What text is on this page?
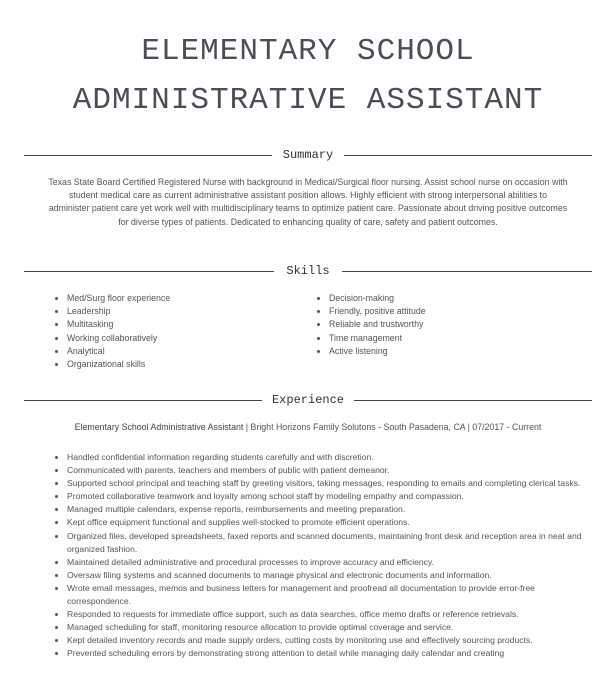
ELEMENTARY SCHOOL
ADMINISTRATIVE ASSISTANT
Summary
Texas State Board Certified Registered Nurse with background in Medical/Surgical floor nursing. Assist school nurse on occasion with student medical care as current administrative assistant position allows. Highly efficient with strong interpersonal abilities to administer patient care yet work well with multidisciplinary teams to optimize patient care. Passionate about driving positive outcomes for diverse types of patients. Dedicated to enhancing quality of care, safety and patient outcomes.
Skills
Med/Surg floor experience
Leadership
Multitasking
Working collaboratively
Analytical
Organizational skills
Decision-making
Friendly, positive attitude
Reliable and trustworthy
Time management
Active listening
Experience
Elementary School Administrative Assistant | Bright Horizons Family Solutons - South Pasadena, CA | 07/2017 - Current
Handled confidential information regarding students carefully and with discretion.
Communicated with parents, teachers and members of public with patient demeanor.
Supported school principal and teaching staff by greeting visitors, taking messages, responding to emails and completing clerical tasks.
Promoted collaborative teamwork and loyalty among school staff by modeling empathy and compassion.
Managed multiple calendars, expense reports, reimbursements and meeting preparation.
Kept office equipment functional and supplies well-stocked to promote efficient operations.
Organized files, developed spreadsheets, faxed reports and scanned documents, maintaining front desk and reception area in neat and organized fashion.
Maintained detailed administrative and procedural processes to improve accuracy and efficiency.
Oversaw filing systems and scanned documents to manage physical and electronic documents and information.
Wrote email messages, memos and business letters for management and proofread all documentation to provide error-free correspondence.
Responded to requests for immediate office support, such as data searches, office memo drafts or reference retrievals.
Managed scheduling for staff, monitoring resource allocation to provide optimal coverage and service.
Kept detailed inventory records and made supply orders, cutting costs by monitoring use and effectively sourcing products.
Prevented scheduling errors by demonstrating strong attention to detail while managing daily calendar and creating
